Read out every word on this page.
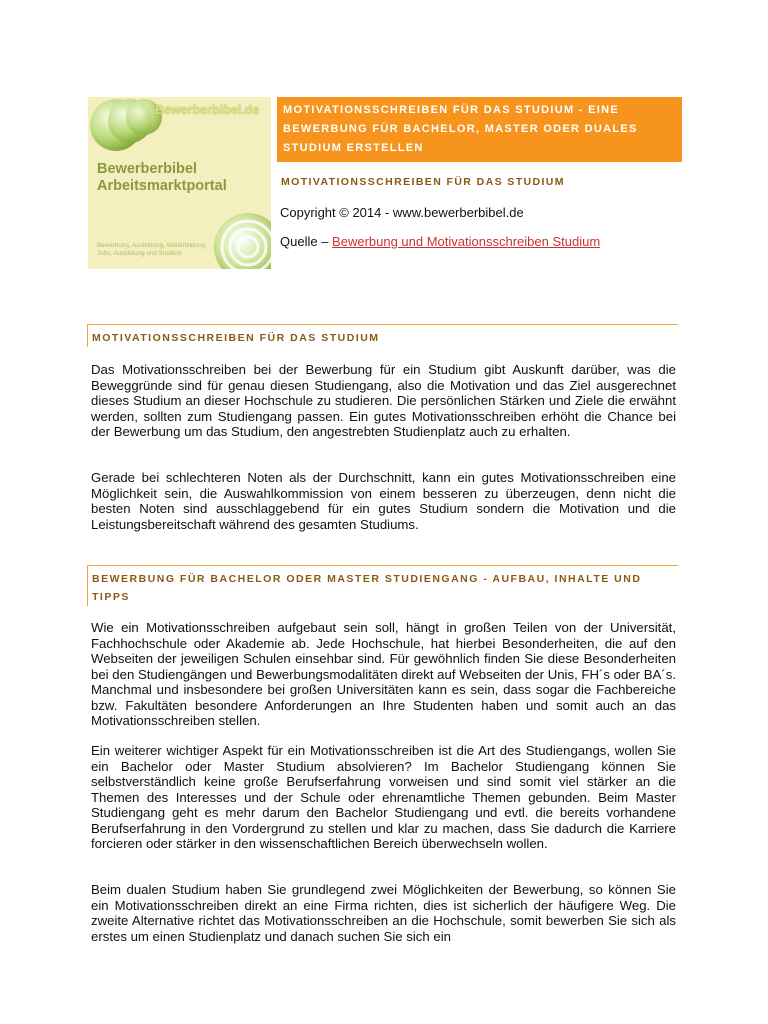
Bewerberbibel.de
Bewerberbibel
Arbeitsmarktportal
Bewerbung, Ausbildung, Weiterbildung, Jobs, Ausbildung und Studium
MOTIVATIONSSCHREIBEN FÜR DAS STUDIUM - EINE
BEWERBUNG FÜR BACHELOR, MASTER ODER DUALES
STUDIUM ERSTELLEN
MOTIVATIONSSCHREIBEN FÜR DAS STUDIUM
Copyright © 2014 - www.bewerberbibel.de
Quelle – Bewerbung und Motivationsschreiben Studium
MOTIVATIONSSCHREIBEN FÜR DAS STUDIUM
Das Motivationsschreiben bei der Bewerbung für ein Studium gibt Auskunft darüber, was die Beweggründe sind für genau diesen Studiengang, also die Motivation und das Ziel ausgerechnet dieses Studium an dieser Hochschule zu studieren. Die persönlichen Stärken und Ziele die erwähnt werden, sollten zum Studiengang passen. Ein gutes Motivationsschreiben erhöht die Chance bei der Bewerbung um das Studium, den angestrebten Studienplatz auch zu erhalten.
Gerade bei schlechteren Noten als der Durchschnitt, kann ein gutes Motivationsschreiben eine Möglichkeit sein, die Auswahlkommission von einem besseren zu überzeugen, denn nicht die besten Noten sind ausschlaggebend für ein gutes Studium sondern die Motivation und die Leistungsbereitschaft während des gesamten Studiums.
BEWERBUNG FÜR BACHELOR ODER MASTER STUDIENGANG - AUFBAU, INHALTE UND
TIPPS
Wie ein Motivationsschreiben aufgebaut sein soll, hängt in großen Teilen von der Universität, Fachhochschule oder Akademie ab. Jede Hochschule, hat hierbei Besonderheiten, die auf den Webseiten der jeweiligen Schulen einsehbar sind. Für gewöhnlich finden Sie diese Besonderheiten bei den Studiengängen und Bewerbungsmodalitäten direkt auf Webseiten der Unis, FH´s oder BA´s. Manchmal und insbesondere bei großen Universitäten kann es sein, dass sogar die Fachbereiche bzw. Fakultäten besondere Anforderungen an Ihre Studenten haben und somit auch an das Motivationsschreiben stellen.
Ein weiterer wichtiger Aspekt für ein Motivationsschreiben ist die Art des Studiengangs, wollen Sie ein Bachelor oder Master Studium absolvieren? Im Bachelor Studiengang können Sie selbstverständlich keine große Berufserfahrung vorweisen und sind somit viel stärker an die Themen des Interesses und der Schule oder ehrenamtliche Themen gebunden. Beim Master Studiengang geht es mehr darum den Bachelor Studiengang und evtl. die bereits vorhandene Berufserfahrung in den Vordergrund zu stellen und klar zu machen, dass Sie dadurch die Karriere forcieren oder stärker in den wissenschaftlichen Bereich überwechseln wollen.
Beim dualen Studium haben Sie grundlegend zwei Möglichkeiten der Bewerbung, so können Sie ein Motivationsschreiben direkt an eine Firma richten, dies ist sicherlich der häufigere Weg. Die zweite Alternative richtet das Motivationsschreiben an die Hochschule, somit bewerben Sie sich als erstes um einen Studienplatz und danach suchen Sie sich ein
